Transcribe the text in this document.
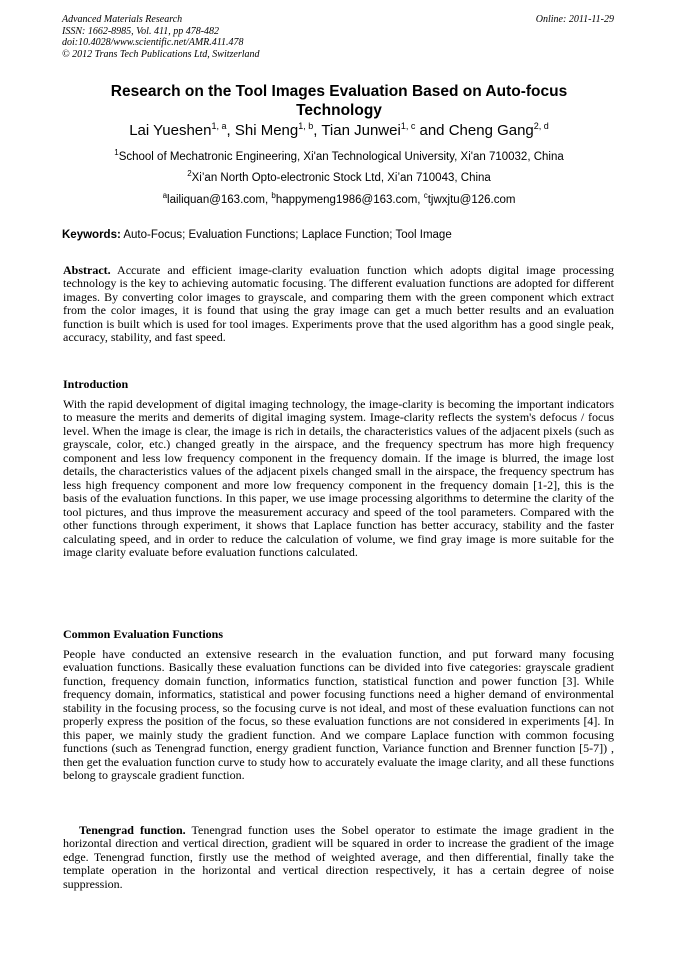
Advanced Materials Research
ISSN: 1662-8985, Vol. 411, pp 478-482
doi:10.4028/www.scientific.net/AMR.411.478
© 2012 Trans Tech Publications Ltd, Switzerland
Online: 2011-11-29
Research on the Tool Images Evaluation Based on Auto-focus Technology
Lai Yueshen$^{1, a}$, Shi Meng$^{1, b}$, Tian Junwei$^{1, c}$ and Cheng Gang$^{2, d}$
$^1$School of Mechatronic Engineering, Xi'an Technological University, Xi'an 710032, China
$^2$Xi’an North Opto-electronic Stock Ltd, Xi’an 710043, China
$^a$lailiquan@163.com, $^b$happymeng1986@163.com, $^c$tjwxjtu@126.com
Keywords: Auto-Focus; Evaluation Functions; Laplace Function; Tool Image
Abstract. Accurate and efficient image-clarity evaluation function which adopts digital image processing technology is the key to achieving automatic focusing. The different evaluation functions are adopted for different images. By converting color images to grayscale, and comparing them with the green component which extract from the color images, it is found that using the gray image can get a much better results and an evaluation function is built which is used for tool images. Experiments prove that the used algorithm has a good single peak, accuracy, stability, and fast speed.
Introduction
With the rapid development of digital imaging technology, the image-clarity is becoming the important indicators to measure the merits and demerits of digital imaging system. Image-clarity reflects the system's defocus / focus level. When the image is clear, the image is rich in details, the characteristics values of the adjacent pixels (such as grayscale, color, etc.) changed greatly in the airspace, and the frequency spectrum has more high frequency component and less low frequency component in the frequency domain. If the image is blurred, the image lost details, the characteristics values of the adjacent pixels changed small in the airspace, the frequency spectrum has less high frequency component and more low frequency component in the frequency domain [1-2], this is the basis of the evaluation functions. In this paper, we use image processing algorithms to determine the clarity of the tool pictures, and thus improve the measurement accuracy and speed of the tool parameters. Compared with the other functions through experiment, it shows that Laplace function has better accuracy, stability and the faster calculating speed, and in order to reduce the calculation of volume, we find gray image is more suitable for the image clarity evaluate before evaluation functions calculated.
Common Evaluation Functions
People have conducted an extensive research in the evaluation function, and put forward many focusing evaluation functions. Basically these evaluation functions can be divided into five categories: grayscale gradient function, frequency domain function, informatics function, statistical function and power function [3]. While frequency domain, informatics, statistical and power focusing functions need a higher demand of environmental stability in the focusing process, so the focusing curve is not ideal, and most of these evaluation functions can not properly express the position of the focus, so these evaluation functions are not considered in experiments [4]. In this paper, we mainly study the gradient function. And we compare Laplace function with common focusing functions (such as Tenengrad function, energy gradient function, Variance function and Brenner function [5-7]) , then get the evaluation function curve to study how to accurately evaluate the image clarity, and all these functions belong to grayscale gradient function.
Tenengrad function. Tenengrad function uses the Sobel operator to estimate the image gradient in the horizontal direction and vertical direction, gradient will be squared in order to increase the gradient of the image edge. Tenengrad function, firstly use the method of weighted average, and then differential, finally take the template operation in the horizontal and vertical direction respectively, it has a certain degree of noise suppression.
